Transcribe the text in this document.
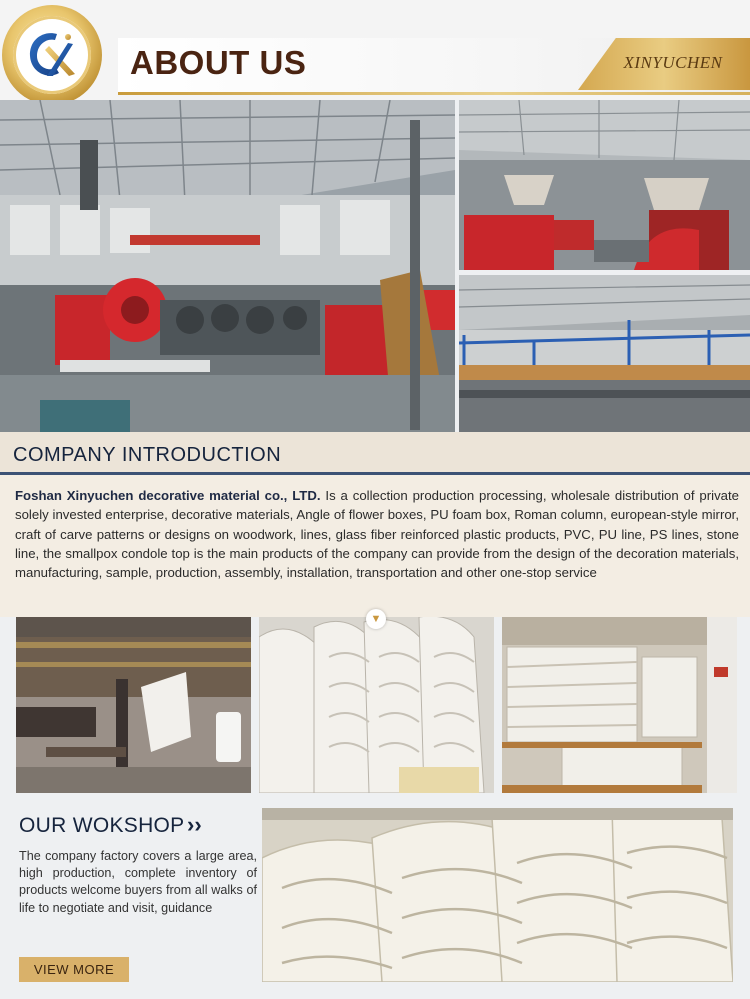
ABOUT US	XINYUCHEN
COMPANY INTRODUCTION
Foshan Xinyuchen decorative material co., LTD. Is a collection production processing, wholesale distribution of private solely invested enterprise, decorative materials, Angle of flower boxes, PU foam box, Roman column, european-style mirror, craft of carve patterns or designs on woodwork, lines, glass fiber reinforced plastic products, PVC, PU line, PS lines, stone line, the smallpox condole top is the main products of the company can provide from the design of the decoration materials, manufacturing, sample, production, assembly, installation, transportation and other one-stop service
▼
OUR WOKSHOP ››
The company factory covers a large area, high production, complete inventory of products welcome buyers from all walks of life to negotiate and visit, guidance
VIEW MORE
